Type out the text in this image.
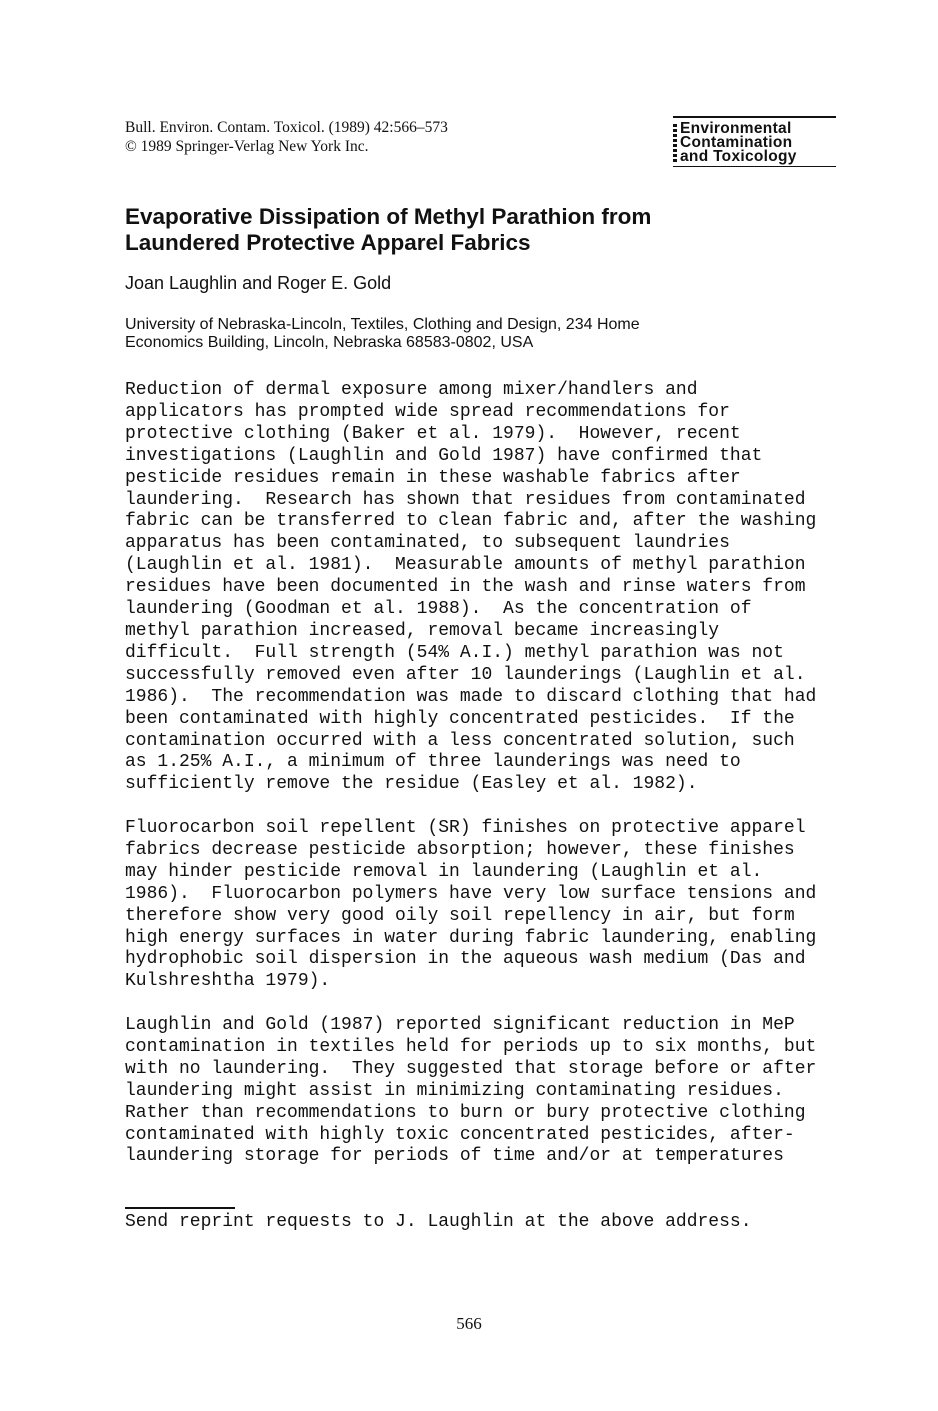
Bull. Environ. Contam. Toxicol. (1989) 42:566–573
© 1989 Springer-Verlag New York Inc.
Environmental
Contamination
and Toxicology
Evaporative Dissipation of Methyl Parathion from
Laundered Protective Apparel Fabrics
Joan Laughlin and Roger E. Gold
University of Nebraska-Lincoln, Textiles, Clothing and Design, 234 Home
Economics Building, Lincoln, Nebraska 68583-0802, USA
Reduction of dermal exposure among mixer/handlers and
applicators has prompted wide spread recommendations for
protective clothing (Baker et al. 1979).  However, recent
investigations (Laughlin and Gold 1987) have confirmed that
pesticide residues remain in these washable fabrics after
laundering.  Research has shown that residues from contaminated
fabric can be transferred to clean fabric and, after the washing
apparatus has been contaminated, to subsequent laundries
(Laughlin et al. 1981).  Measurable amounts of methyl parathion
residues have been documented in the wash and rinse waters from
laundering (Goodman et al. 1988).  As the concentration of
methyl parathion increased, removal became increasingly
difficult.  Full strength (54% A.I.) methyl parathion was not
successfully removed even after 10 launderings (Laughlin et al.
1986).  The recommendation was made to discard clothing that had
been contaminated with highly concentrated pesticides.  If the
contamination occurred with a less concentrated solution, such
as 1.25% A.I., a minimum of three launderings was need to
sufficiently remove the residue (Easley et al. 1982).
Fluorocarbon soil repellent (SR) finishes on protective apparel
fabrics decrease pesticide absorption; however, these finishes
may hinder pesticide removal in laundering (Laughlin et al.
1986).  Fluorocarbon polymers have very low surface tensions and
therefore show very good oily soil repellency in air, but form
high energy surfaces in water during fabric laundering, enabling
hydrophobic soil dispersion in the aqueous wash medium (Das and
Kulshreshtha 1979).
Laughlin and Gold (1987) reported significant reduction in MeP
contamination in textiles held for periods up to six months, but
with no laundering.  They suggested that storage before or after
laundering might assist in minimizing contaminating residues.
Rather than recommendations to burn or bury protective clothing
contaminated with highly toxic concentrated pesticides, after-
laundering storage for periods of time and/or at temperatures
Send reprint requests to J. Laughlin at the above address.
566
